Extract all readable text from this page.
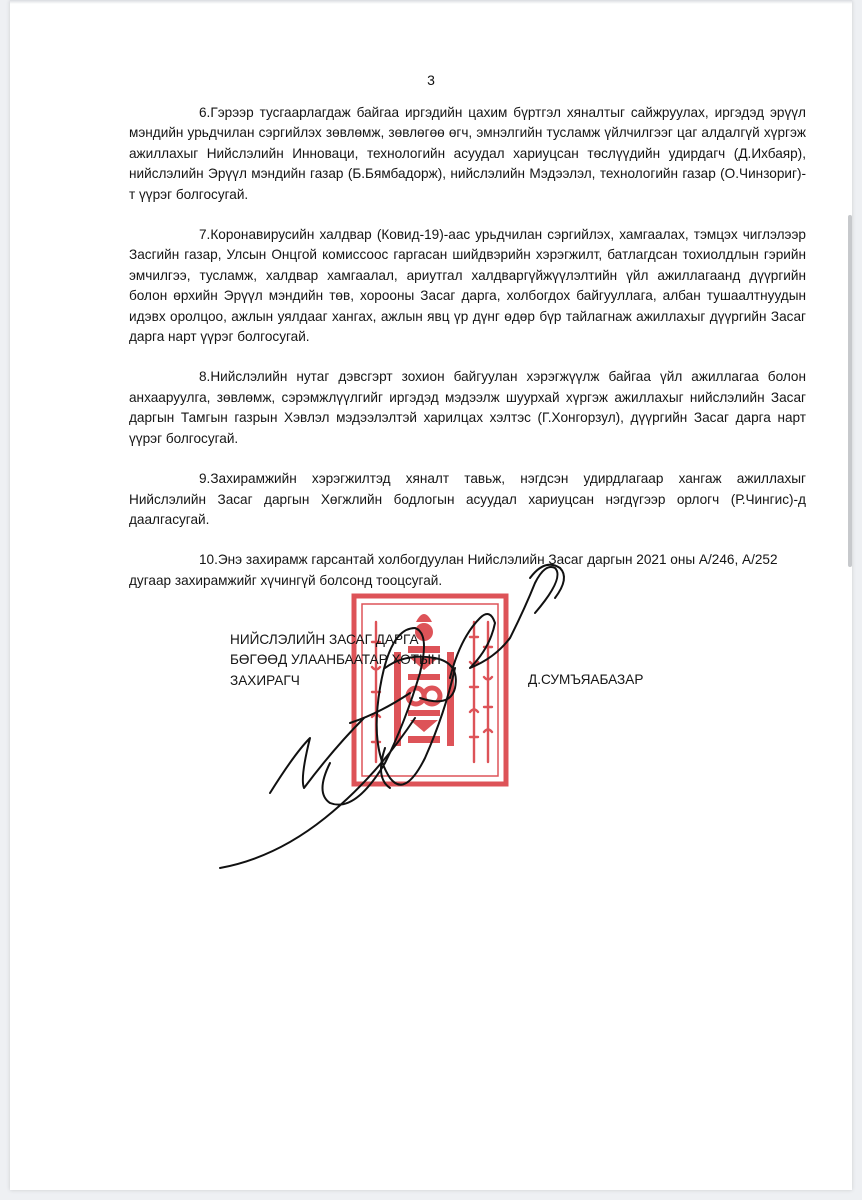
3

6.Гэрээр тусгаарлагдаж байгаа иргэдийн цахим бүртгэл хяналтыг сайжруулах, иргэдэд эрүүл мэндийн урьдчилан сэргийлэх зөвлөмж, зөвлөгөө өгч, эмнэлгийн тусламж үйлчилгээг цаг алдалгүй хүргэж ажиллахыг Нийслэлийн Инноваци, технологийн асуудал хариуцсан төслүүдийн удирдагч (Д.Ихбаяр), нийслэлийн Эрүүл мэндийн газар (Б.Бямбадорж), нийслэлийн Мэдээлэл, технологийн газар (О.Чинзориг)-т үүрэг болгосугай.

7.Коронавирусийн халдвар (Ковид-19)-аас урьдчилан сэргийлэх, хамгаалах, тэмцэх чиглэлээр Засгийн газар, Улсын Онцгой комиссоос гаргасан шийдвэрийн хэрэгжилт, батлагдсан тохиолдлын гэрийн эмчилгээ, тусламж, халдвар хамгаалал, ариутгал халдваргүйжүүлэлтийн үйл ажиллагаанд дүүргийн болон өрхийн Эрүүл мэндийн төв, хорооны Засаг дарга, холбогдох байгууллага, албан тушаалтнуудын идэвх оролцоо, ажлын уялдааг хангах, ажлын явц үр дүнг өдөр бүр тайлагнаж ажиллахыг дүүргийн Засаг дарга нарт үүрэг болгосугай.

8.Нийслэлийн нутаг дэвсгэрт зохион байгуулан хэрэгжүүлж байгаа үйл ажиллагаа болон анхааруулга, зөвлөмж, сэрэмжлүүлгийг иргэдэд мэдээлж шуурхай хүргэж ажиллахыг нийслэлийн Засаг даргын Тамгын газрын Хэвлэл мэдээлэлтэй харилцах хэлтэс (Г.Хонгорзул), дүүргийн Засаг дарга нарт үүрэг болгосугай.

9.Захирамжийн хэрэгжилтэд хяналт тавьж, нэгдсэн удирдлагаар хангаж ажиллахыг Нийслэлийн Засаг даргын Хөгжлийн бодлогын асуудал хариуцсан нэгдүгээр орлогч (Р.Чингис)-д даалгасугай.

10.Энэ захирамж гарсантай холбогдуулан Нийслэлийн Засаг даргын 2021 оны А/246, А/252 дугаар захирамжийг хүчингүй болсонд тооцсугай.

НИЙСЛЭЛИЙН ЗАСАГ ДАРГА
БӨГӨӨД УЛААНБААТАР ХОТЫН
ЗАХИРАГЧ	Д.СУМЪЯАБАЗАР
